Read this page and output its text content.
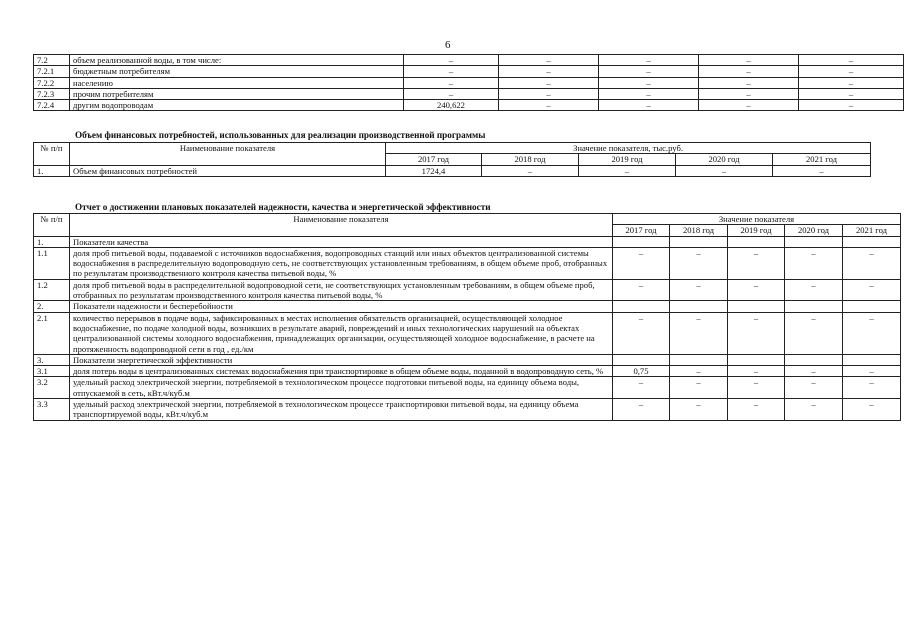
6
7.2	объем реализованной воды, в том числе:	–	–	–	–	–
7.2.1	бюджетным потребителям	–	–	–	–	–
7.2.2	населению	–	–	–	–	–
7.2.3	прочим потребителям	–	–	–	–	–
7.2.4	другим водопроводам	240,622	–	–	–	–
Объем финансовых потребностей, использованных для реализации производственной программы
№ п/п	Наименование показателя	Значение показателя, тыс.руб.				
		2017 год	2018 год	2019 год	2020 год	2021 год
1.	Объем финансовых потребностей	1724,4	–	–	–	–
Отчет о достижении плановых показателей надежности, качества и энергетической эффективности
№ п/п	Наименование показателя	Значение показателя				
		2017 год	2018 год	2019 год	2020 год	2021 год
1.	Показатели качества					
1.1	доля проб питьевой воды, подаваемой с источников водоснабжения, водопроводных станций или иных объектов централизованной системы водоснабжения в распределительную водопроводную сеть, не соответствующих установленным требованиям, в общем объеме проб, отобранных по результатам производственного контроля качества питьевой воды, %	–	–	–	–	–
1.2	доля проб питьевой воды в распределительной водопроводной сети, не соответствующих установленным требованиям, в общем объеме проб, отобранных по результатам производственного контроля качества питьевой воды, %	–	–	–	–	–
2.	Показатели надежности и бесперебойности					
2.1	количество перерывов в подаче воды, зафиксированных в местах исполнения обязательств организацией, осуществляющей холодное водоснабжение, по подаче холодной воды, возникших в результате аварий, повреждений и иных технологических нарушений на объектах централизованной системы холодного водоснабжения, принадлежащих организации, осуществляющей холодное водоснабжение, в расчете на протяженность водопроводной сети в год , ед./км	–	–	–	–	–
3.	Показатели энергетической эффективности					
3.1	доля потерь воды в централизованных системах водоснабжения при транспортировке в общем объеме воды, поданной в водопроводную сеть, %	0,75	–	–	–	–
3.2	удельный расход электрической энергии, потребляемой в технологическом процессе подготовки питьевой воды, на единицу объема воды, отпускаемой в сеть, кВт.ч/куб.м	–	–	–	–	–
3.3	удельный расход электрической энергии, потребляемой в технологическом процессе транспортировки питьевой воды, на единицу объема транспортируемой воды, кВт.ч/куб.м	–	–	–	–	–
